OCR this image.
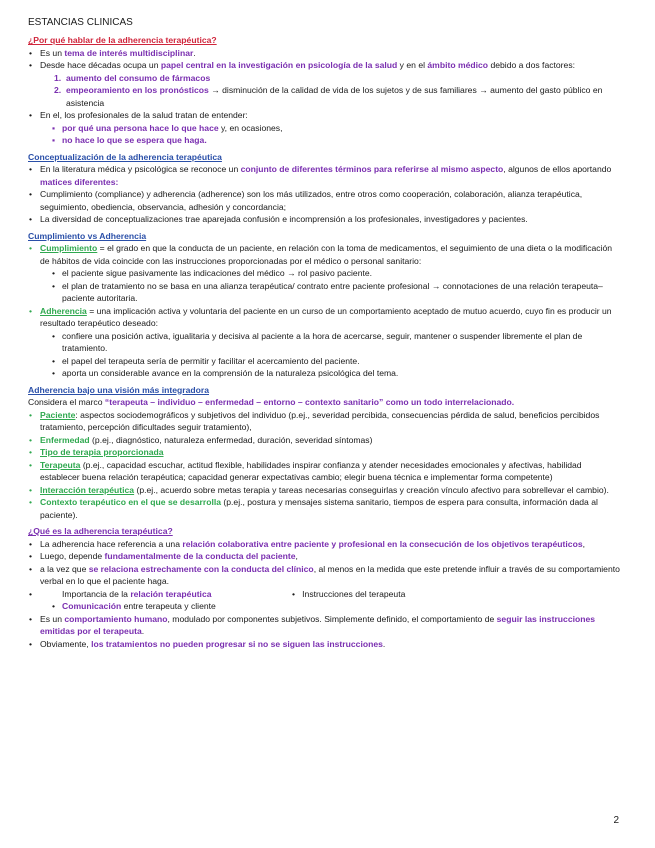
ESTANCIAS CLINICAS
¿Por qué hablar de la adherencia terapéutica?
• Es un tema de interés multidisciplinar.
• Desde hace décadas ocupa un papel central en la investigación en psicología de la salud y en el ámbito médico debido a dos factores:
1. aumento del consumo de fármacos
2. empeoramiento en los pronósticos → disminución de la calidad de vida de los sujetos y de sus familiares → aumento del gasto público en asistencia
• En el, los profesionales de la salud tratan de entender:
▪ por qué una persona hace lo que hace y, en ocasiones,
▪ no hace lo que se espera que haga.
Conceptualización de la adherencia terapéutica
• En la literatura médica y psicológica se reconoce un conjunto de diferentes términos para referirse al mismo aspecto, algunos de ellos aportando matices diferentes:
• Cumplimiento (compliance) y adherencia (adherence) son los más utilizados, entre otros como cooperación, colaboración, alianza terapéutica, seguimiento, obediencia, observancia, adhesión y concordancia;
• La diversidad de conceptualizaciones trae aparejada confusión e incomprensión a los profesionales, investigadores y pacientes.
Cumplimiento vs Adherencia
• Cumplimiento = el grado en que la conducta de un paciente, en relación con la toma de medicamentos, el seguimiento de una dieta o la modificación de hábitos de vida coincide con las instrucciones proporcionadas por el médico o personal sanitario:
• el paciente sigue pasivamente las indicaciones del médico → rol pasivo paciente.
• el plan de tratamiento no se basa en una alianza terapéutica/ contrato entre paciente profesional → connotaciones de una relación terapeuta–paciente autoritaria.
• Adherencia = una implicación activa y voluntaria del paciente en un curso de un comportamiento aceptado de mutuo acuerdo, cuyo fin es producir un resultado terapéutico deseado:
• confiere una posición activa, igualitaria y decisiva al paciente a la hora de acercarse, seguir, mantener o suspender libremente el plan de tratamiento.
• el papel del terapeuta sería de permitir y facilitar el acercamiento del paciente.
• aporta un considerable avance en la comprensión de la naturaleza psicológica del tema.
Adherencia bajo una visión más integradora

Considera el marco “terapeuta – individuo – enfermedad – entorno – contexto sanitario” como un todo interrelacionado.

• Paciente: aspectos sociodemográficos y subjetivos del individuo (p.ej., severidad percibida, consecuencias pérdida de salud, beneficios percibidos tratamiento, percepción dificultades seguir tratamiento),
• Enfermedad (p.ej., diagnóstico, naturaleza enfermedad, duración, severidad síntomas)
• Tipo de terapia proporcionada
• Terapeuta (p.ej., capacidad escuchar, actitud flexible, habilidades inspirar confianza y atender necesidades emocionales y afectivas, habilidad establecer buena relación terapéutica; capacidad generar expectativas cambio; elegir buena técnica e implementar forma competente)
• Interacción terapéutica (p.ej., acuerdo sobre metas terapia y tareas necesarias conseguirlas y creación vínculo afectivo para sobrellevar el cambio).
• Contexto terapéutico en el que se desarrolla (p.ej., postura y mensajes sistema sanitario, tiempos de espera para consulta, información dada al paciente).
¿Qué es la adherencia terapéutica?
• La adherencia hace referencia a una relación colaborativa entre paciente y profesional en la consecución de los objetivos terapéuticos,
• Luego, depende fundamentalmente de la conducta del paciente,
• a la vez que se relaciona estrechamente con la conducta del clínico, al menos en la medida que este pretende influir a través de su comportamiento verbal en lo que el paciente haga.
•	Importancia de la relación terapéutica	•   Instrucciones del terapeuta
• Comunicación entre terapeuta y cliente
• Es un comportamiento humano, modulado por componentes subjetivos. Simplemente definido, el comportamiento de seguir las instrucciones emitidas por el terapeuta.
• Obviamente, los tratamientos no pueden progresar si no se siguen las instrucciones.
2
